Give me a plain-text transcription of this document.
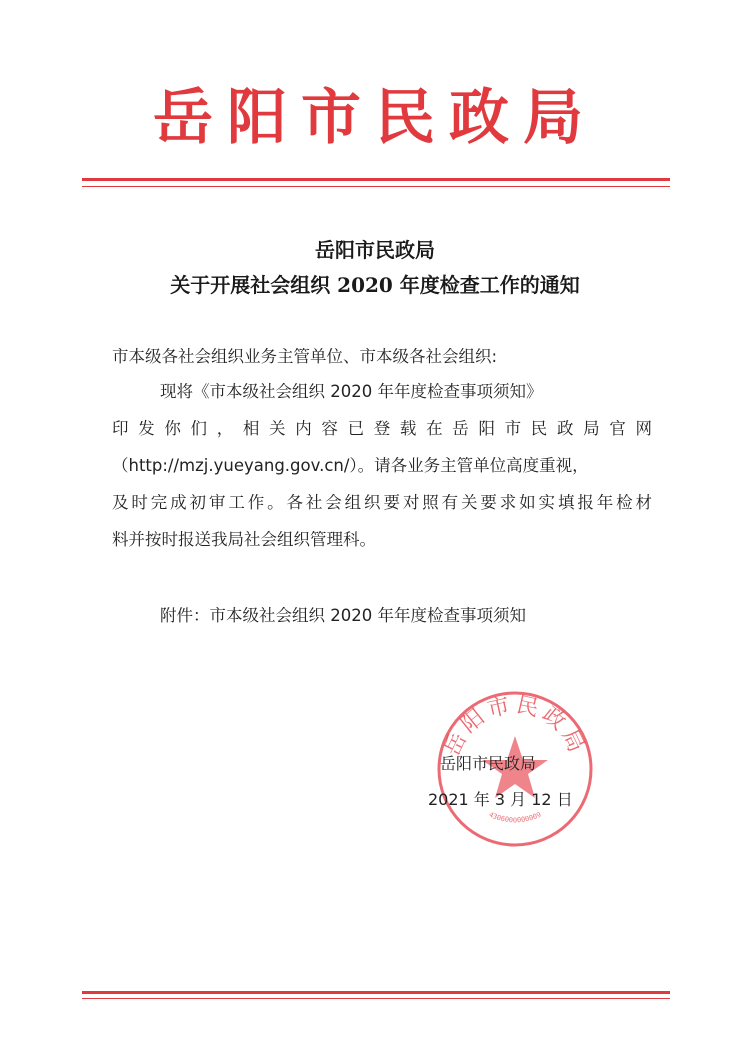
岳阳市民政局
岳阳市民政局
关于开展社会组织 2020 年度检查工作的通知
市本级各社会组织业务主管单位、市本级各社会组织:
现将《市本级社会组织 2020 年年度检查事项须知》
印发你们，相关内容已登载在岳阳市民政局官网
（http://mzj.yueyang.gov.cn/）。请各业务主管单位高度重视，
及时完成初审工作。各社会组织要对照有关要求如实填报年检材
料并按时报送我局社会组织管理科。
附件：市本级社会组织 2020 年年度检查事项须知
岳阳市民政局
4306000000009
岳阳市民政局
2021 年 3 月 12 日
